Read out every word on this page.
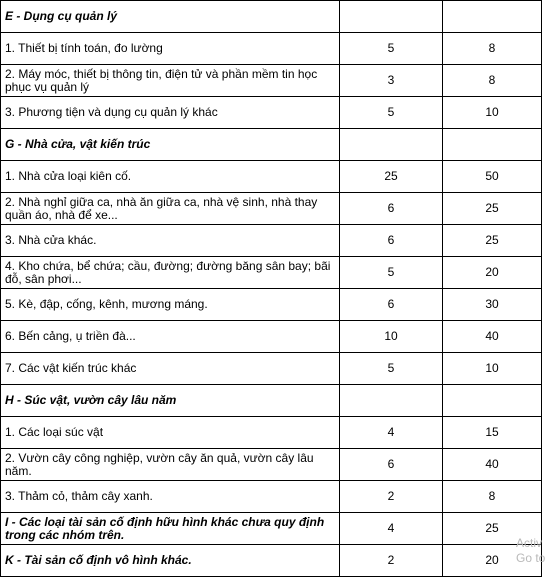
E - Dụng cụ quản lý		
1. Thiết bị tính toán, đo lường	5	8
2. Máy móc, thiết bị thông tin, điện tử và phần mềm tin học phục vụ quản lý	3	8
3. Phương tiện và dụng cụ quản lý khác	5	10
G - Nhà cửa, vật kiến trúc		
1. Nhà cửa loại kiên cố.	25	50
2. Nhà nghỉ giữa ca, nhà ăn giữa ca, nhà vệ sinh, nhà thay quần áo, nhà để xe...	6	25
3. Nhà cửa khác.	6	25
4. Kho chứa, bể chứa; cầu, đường; đường băng sân bay; bãi đỗ, sân phơi...	5	20
5. Kè, đập, cống, kênh, mương máng.	6	30
6. Bến cảng, ụ triền đà...	10	40
7. Các vật kiến trúc khác	5	10
H - Súc vật, vườn cây lâu năm		
1. Các loại súc vật	4	15
2. Vườn cây công nghiệp, vườn cây ăn quả, vườn cây lâu năm.	6	40
3. Thảm cỏ, thảm cây xanh.	2	8
I - Các loại tài sản cố định hữu hình khác chưa quy định trong các nhóm trên.	4	25
K - Tài sản cố định vô hình khác.	2	20
Activ
Go to
